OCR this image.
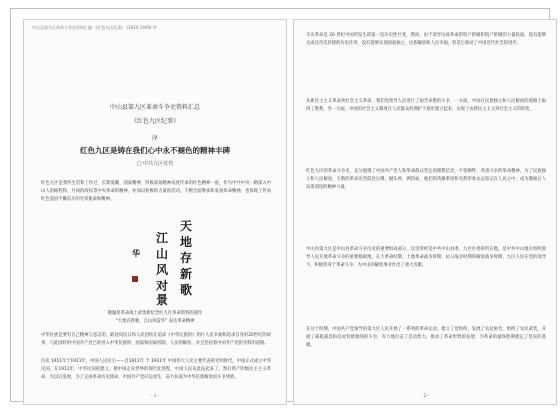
中山县第九区革命斗争史资料汇编 《红色九区纪事》 (1924-1949) 序
中山县第九区革命斗争史资料汇总
《红色九区纪事》
序
红色九区是铸在我们心中永不褪色的精神丰碑
□ 中共九区党代
红色九区是我所生活和工作过，长期爱戴、国家精神、四极战场精神高度传承的红色精神一座，作为中共中央一路深入中山人的路程和，共同的政权等中央革命的精神，并加以积极的力量的活动，不断全面继承和发扬革命精神，也体现了传承红色基因不懈奋斗的光荣使命和精神。
天
地
存
新
歌
江
山
风
对
景
华
敬题原革命战士武奥新纪念红九区革命资料的遗作
“天地存新歌，江山风雷华” 表达革命精神
中华民族是要有自己精神与意志的，敢迎向抗日和人民团结在追求《中华民族的》的行人民幸福和追求自身的20世纪的故事，与此同时的中国共产党已经进入中华民族的，国家和国家机制，人民的解放、并且坚持着中国共产党的光辉的道路。
历史 1911年于1911年，中国人民民主——自1911年 于 1911年 中国伟大人民主要代表的光明时代，中国正式成立中华民国，在1911年，中华民国的建立，使中国走向世界的现代化进程，中国人民从此站起来了。然后资产阶级民主主义革命，为以后发展，为了完成革命历史使命，中国共产党应运而生，奋力抗战为中华民族解放而斗争到底。
- 1 -
辛亥革命是 20 世纪中国所发生的第一次历史性巨变，然而，由于领导这场革命的资产阶级和资产阶级的力量软弱，没有能够完成反帝反封建的历史任务，没有能够实现国家独立、民族解放和人民幸福，但是它推动了中国近代社会的进步。
从新民主主义革命到社会主义革命，我们党领导人民进行了艰苦卓绝的斗争，一方面，中国在民族独立和人民解放的道路上取得了胜利，另一方面，中国的社会主义制度在人民群众的拥护下逐步建立起来，实现了由新民主主义到社会主义的转变。
红色九区的革命斗争史，充分展现了中国共产党人和革命群众坚定的理想信念，不怕牺牲、英勇斗争的革命精神，为了民族独立和人民解放，无数的革命先烈前赴后继，抛头颅、洒热血，他们的英雄事迹和光辉形象永远铭记在人民心中，成为激励后人奋勇前进的精神力量。
中山县第九区是中山县革命斗争历史的重要组成部分，这里曾经是中共中山县委、九区区委的所在地，是中共中山地方组织领导人民开展革命斗争的重要根据地，在大革命时期、土地革命战争时期、抗日战争时期和解放战争时期，九区人民在党的领导下，积极投身于革命斗争，为中山的解放事业作出了重大贡献。
在这个时期，中国共产党领导的第九区人民开展了一系列的革命运动，建立了党组织，发展了农民协会，组织了农民武装，开展了减租减息和反对封建剥削的斗争，有力地打击了反动势力，推动了革命形势的发展，为革命的最终胜利奠定了坚实的基础。
- 2 -
